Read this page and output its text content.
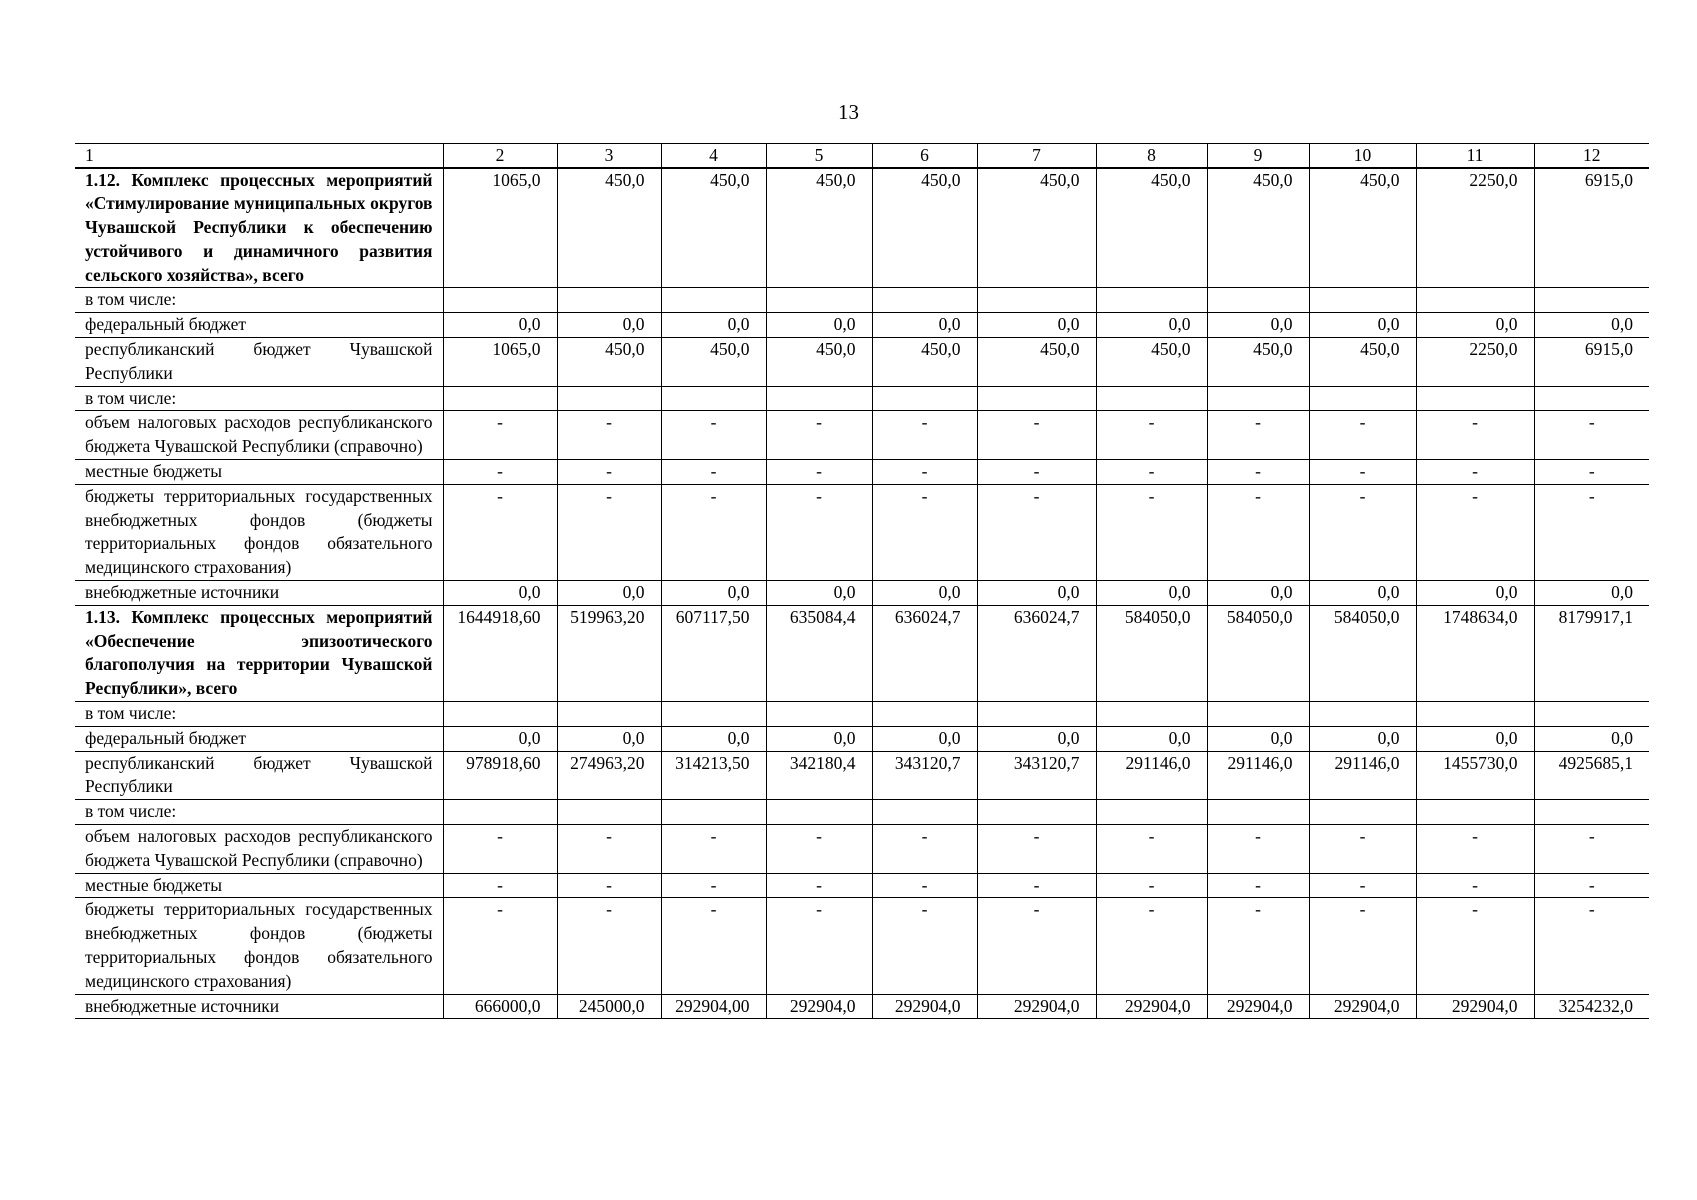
13
1	2	3	4	5	6	7	8	9	10	11	12
1.12. Комплекс процессных мероприятий «Стимулирование муниципальных округов Чувашской Республики к обеспечению устойчивого и динамичного развития сельского хозяйства», всего	1065,0	450,0	450,0	450,0	450,0	450,0	450,0	450,0	450,0	2250,0	6915,0
в том числе:											
федеральный бюджет	0,0	0,0	0,0	0,0	0,0	0,0	0,0	0,0	0,0	0,0	0,0
республиканский бюджет Чувашской Республики	1065,0	450,0	450,0	450,0	450,0	450,0	450,0	450,0	450,0	2250,0	6915,0
в том числе:											
объем налоговых расходов республиканского бюджета Чувашской Республики (справочно)	-	-	-	-	-	-	-	-	-	-	-
местные бюджеты	-	-	-	-	-	-	-	-	-	-	-
бюджеты территориальных государственных внебюджетных фондов (бюджеты территориальных фондов обязательного медицинского страхования)	-	-	-	-	-	-	-	-	-	-	-
внебюджетные источники	0,0	0,0	0,0	0,0	0,0	0,0	0,0	0,0	0,0	0,0	0,0
1.13. Комплекс процессных мероприятий «Обеспечение эпизоотического благополучия на территории Чувашской Республики», всего	1644918,60	519963,20	607117,50	635084,4	636024,7	636024,7	584050,0	584050,0	584050,0	1748634,0	8179917,1
в том числе:											
федеральный бюджет	0,0	0,0	0,0	0,0	0,0	0,0	0,0	0,0	0,0	0,0	0,0
республиканский бюджет Чувашской Республики	978918,60	274963,20	314213,50	342180,4	343120,7	343120,7	291146,0	291146,0	291146,0	1455730,0	4925685,1
в том числе:											
объем налоговых расходов республиканского бюджета Чувашской Республики (справочно)	-	-	-	-	-	-	-	-	-	-	-
местные бюджеты	-	-	-	-	-	-	-	-	-	-	-
бюджеты территориальных государственных внебюджетных фондов (бюджеты территориальных фондов обязательного медицинского страхования)	-	-	-	-	-	-	-	-	-	-	-
внебюджетные источники	666000,0	245000,0	292904,00	292904,0	292904,0	292904,0	292904,0	292904,0	292904,0	292904,0	3254232,0
